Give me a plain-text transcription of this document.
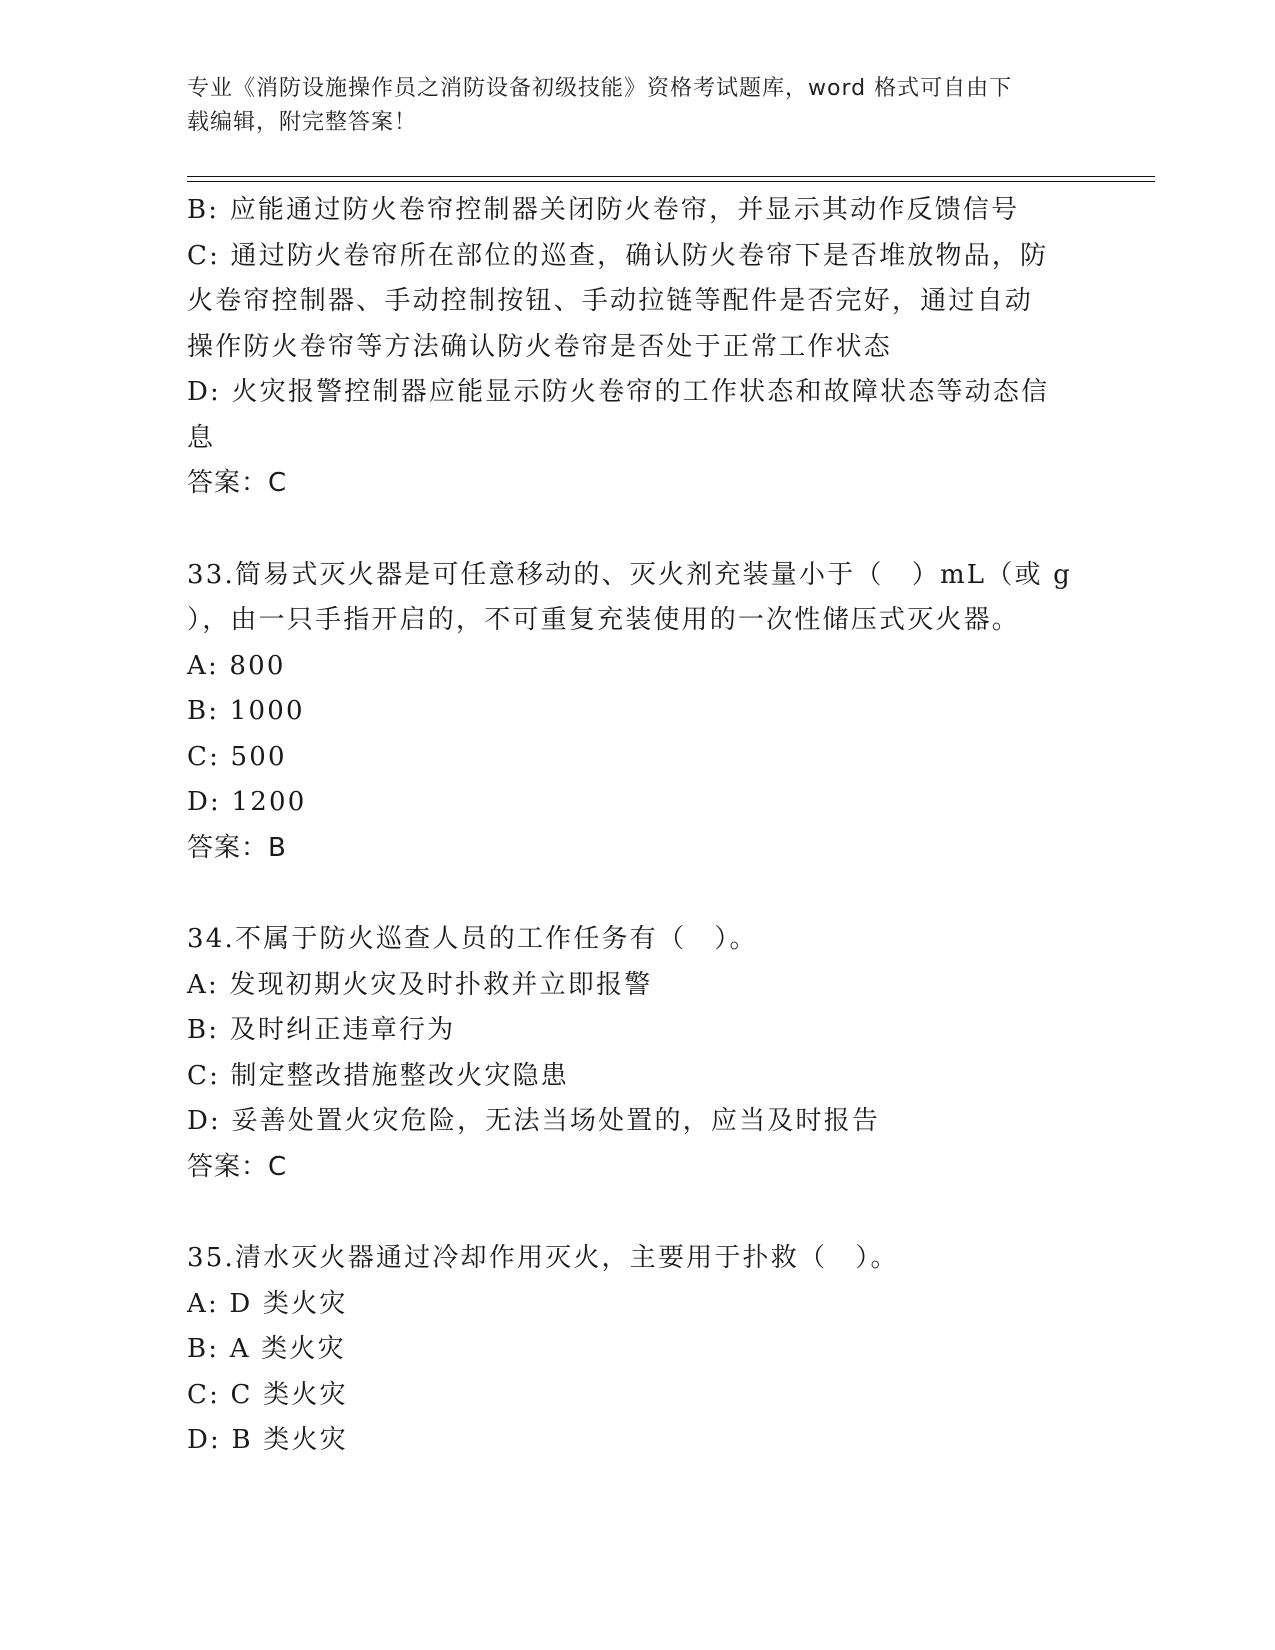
专业《消防设施操作员之消防设备初级技能》资格考试题库，word 格式可自由下
载编辑，附完整答案！
B: 应能通过防火卷帘控制器关闭防火卷帘，并显示其动作反馈信号
C: 通过防火卷帘所在部位的巡查，确认防火卷帘下是否堆放物品，防
火卷帘控制器、手动控制按钮、手动拉链等配件是否完好，通过自动
操作防火卷帘等方法确认防火卷帘是否处于正常工作状态
D: 火灾报警控制器应能显示防火卷帘的工作状态和故障状态等动态信
息
答案：C
33.简易式灭火器是可任意移动的、灭火剂充装量小于（　）mL（或 g
），由一只手指开启的，不可重复充装使用的一次性储压式灭火器。
A: 800
B: 1000
C: 500
D: 1200
答案：B
34.不属于防火巡查人员的工作任务有（　）。
A: 发现初期火灾及时扑救并立即报警
B: 及时纠正违章行为
C: 制定整改措施整改火灾隐患
D: 妥善处置火灾危险，无法当场处置的，应当及时报告
答案：C
35.清水灭火器通过冷却作用灭火，主要用于扑救（　）。
A: D 类火灾
B: A 类火灾
C: C 类火灾
D: B 类火灾
